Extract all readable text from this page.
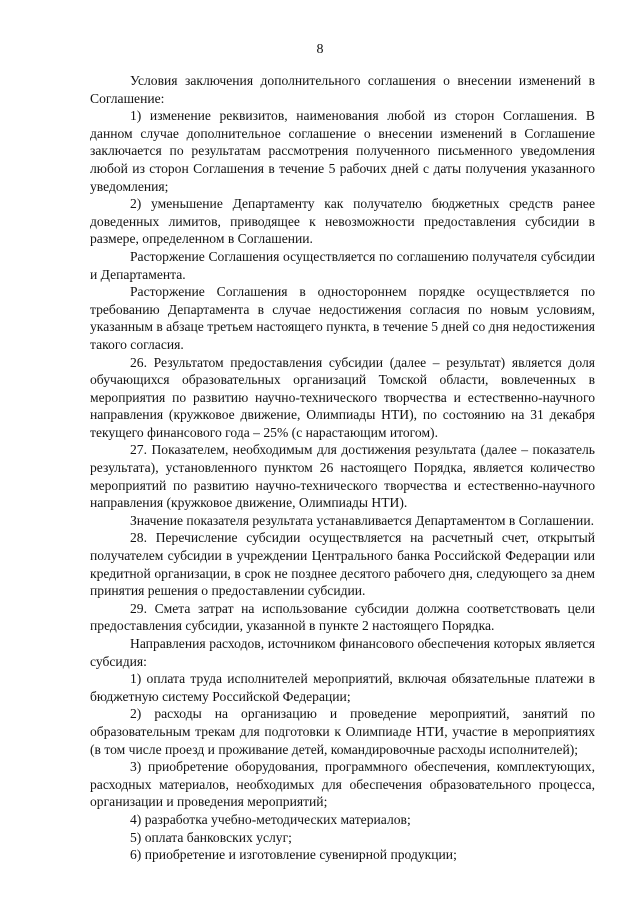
8

Условия заключения дополнительного соглашения о внесении изменений в Соглашение:

1) изменение реквизитов, наименования любой из сторон Соглашения. В данном случае дополнительное соглашение о внесении изменений в Соглашение заключается по результатам рассмотрения полученного письменного уведомления любой из сторон Соглашения в течение 5 рабочих дней с даты получения указанного уведомления;

2) уменьшение Департаменту как получателю бюджетных средств ранее доведенных лимитов, приводящее к невозможности предоставления субсидии в размере, определенном в Соглашении.

Расторжение Соглашения осуществляется по соглашению получателя субсидии и Департамента.

Расторжение Соглашения в одностороннем порядке осуществляется по требованию Департамента в случае недостижения согласия по новым условиям, указанным в абзаце третьем настоящего пункта, в течение 5 дней со дня недостижения такого согласия.

26. Результатом предоставления субсидии (далее – результат) является доля обучающихся образовательных организаций Томской области, вовлеченных в мероприятия по развитию научно-технического творчества и естественно-научного направления (кружковое движение, Олимпиады НТИ), по состоянию на 31 декабря текущего финансового года – 25% (с нарастающим итогом).

27. Показателем, необходимым для достижения результата (далее – показатель результата), установленного пунктом 26 настоящего Порядка, является количество мероприятий по развитию научно-технического творчества и естественно-научного направления (кружковое движение, Олимпиады НТИ).

Значение показателя результата устанавливается Департаментом в Соглашении.

28. Перечисление субсидии осуществляется на расчетный счет, открытый получателем субсидии в учреждении Центрального банка Российской Федерации или кредитной организации, в срок не позднее десятого рабочего дня, следующего за днем принятия решения о предоставлении субсидии.

29. Смета затрат на использование субсидии должна соответствовать цели предоставления субсидии, указанной в пункте 2 настоящего Порядка.

Направления расходов, источником финансового обеспечения которых является субсидия:

1) оплата труда исполнителей мероприятий, включая обязательные платежи в бюджетную систему Российской Федерации;

2) расходы на организацию и проведение мероприятий, занятий по образовательным трекам для подготовки к Олимпиаде НТИ, участие в мероприятиях (в том числе проезд и проживание детей, командировочные расходы исполнителей);

3) приобретение оборудования, программного обеспечения, комплектующих, расходных материалов, необходимых для обеспечения образовательного процесса, организации и проведения мероприятий;

4) разработка учебно-методических материалов;

5) оплата банковских услуг;

6) приобретение и изготовление сувенирной продукции;
